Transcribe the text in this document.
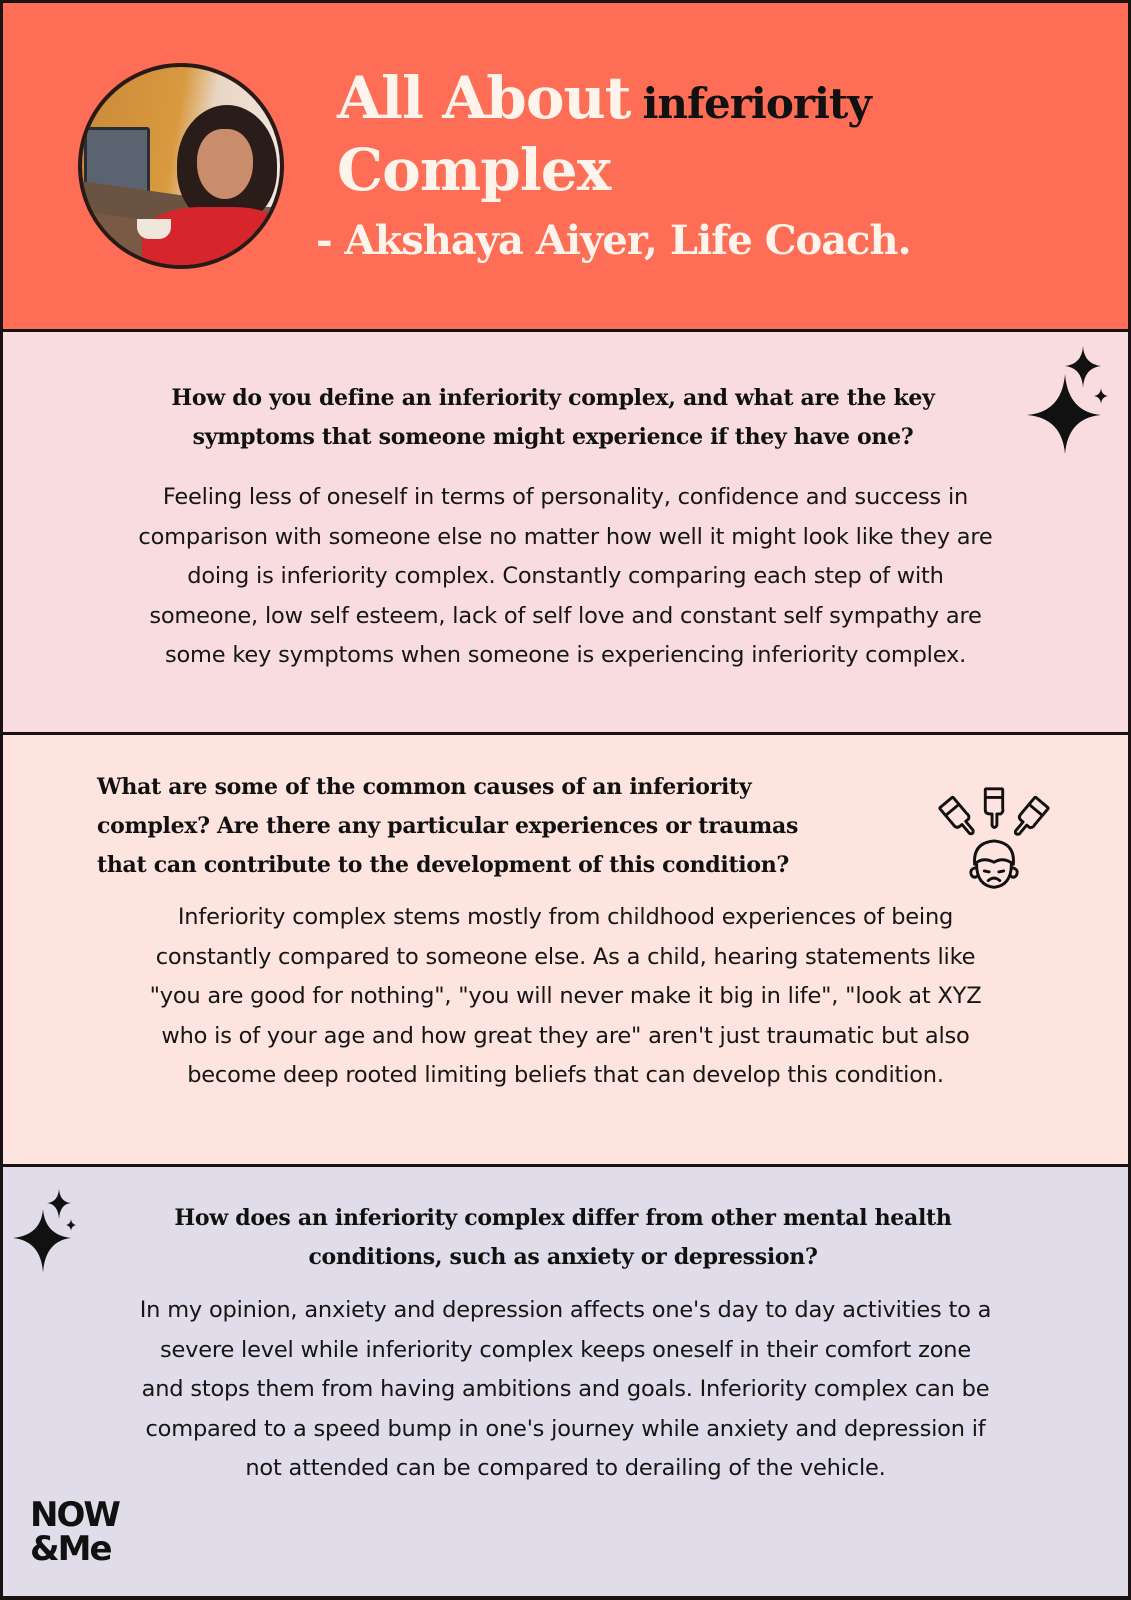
All About inferiority
Complex
- Akshaya Aiyer, Life Coach.
How do you define an inferiority complex, and what are the key
symptoms that someone might experience if they have one?
Feeling less of oneself in terms of personality, confidence and success in
comparison with someone else no matter how well it might look like they are
doing is inferiority complex. Constantly comparing each step of with
someone, low self esteem, lack of self love and constant self sympathy are
some key symptoms when someone is experiencing inferiority complex.
What are some of the common causes of an inferiority
complex? Are there any particular experiences or traumas
that can contribute to the development of this condition?
Inferiority complex stems mostly from childhood experiences of being
constantly compared to someone else. As a child, hearing statements like
"you are good for nothing", "you will never make it big in life", "look at XYZ
who is of your age and how great they are" aren't just traumatic but also
become deep rooted limiting beliefs that can develop this condition.
How does an inferiority complex differ from other mental health
conditions, such as anxiety or depression?
In my opinion, anxiety and depression affects one's day to day activities to a
severe level while inferiority complex keeps oneself in their comfort zone
and stops them from having ambitions and goals. Inferiority complex can be
compared to a speed bump in one's journey while anxiety and depression if
not attended can be compared to derailing of the vehicle.
NOW
&Me
